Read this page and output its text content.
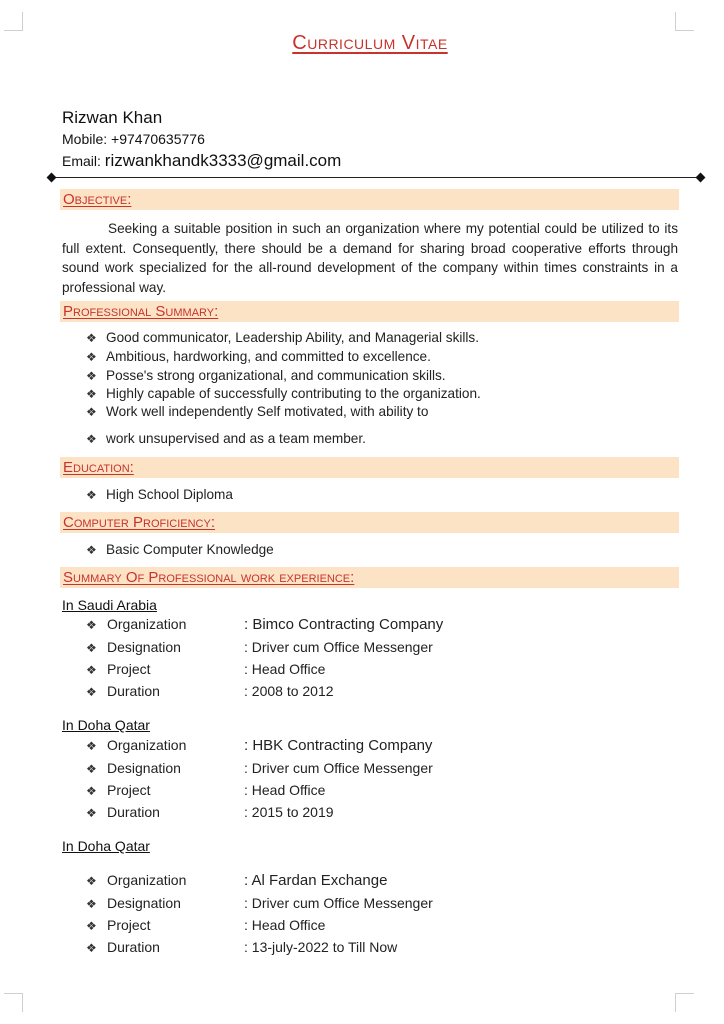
Curriculum Vitae
Rizwan Khan
Mobile: +97470635776
Email: rizwankhandk3333@gmail.com
Objective:
Seeking a suitable position in such an organization where my potential could be utilized to its full extent. Consequently, there should be a demand for sharing broad cooperative efforts through sound work specialized for the all-round development of the company within times constraints in a professional way.
Professional Summary:
❖ Good communicator, Leadership Ability, and Managerial skills.
❖ Ambitious, hardworking, and committed to excellence.
❖ Posse's strong organizational, and communication skills.
❖ Highly capable of successfully contributing to the organization.
❖ Work well independently Self motivated, with ability to
❖ work unsupervised and as a team member.
Education:
❖ High School Diploma
Computer Proficiency:
❖ Basic Computer Knowledge
Summary Of Professional work experience:
In Saudi Arabia
❖ Organization	: Bimco Contracting Company
❖ Designation	: Driver cum Office Messenger
❖ Project	: Head Office
❖ Duration	: 2008 to 2012
In Doha Qatar
❖ Organization	: HBK Contracting Company
❖ Designation	: Driver cum Office Messenger
❖ Project	: Head Office
❖ Duration	: 2015 to 2019
In Doha Qatar
❖ Organization	: Al Fardan Exchange
❖ Designation	: Driver cum Office Messenger
❖ Project	: Head Office
❖ Duration	: 13-july-2022 to Till Now
